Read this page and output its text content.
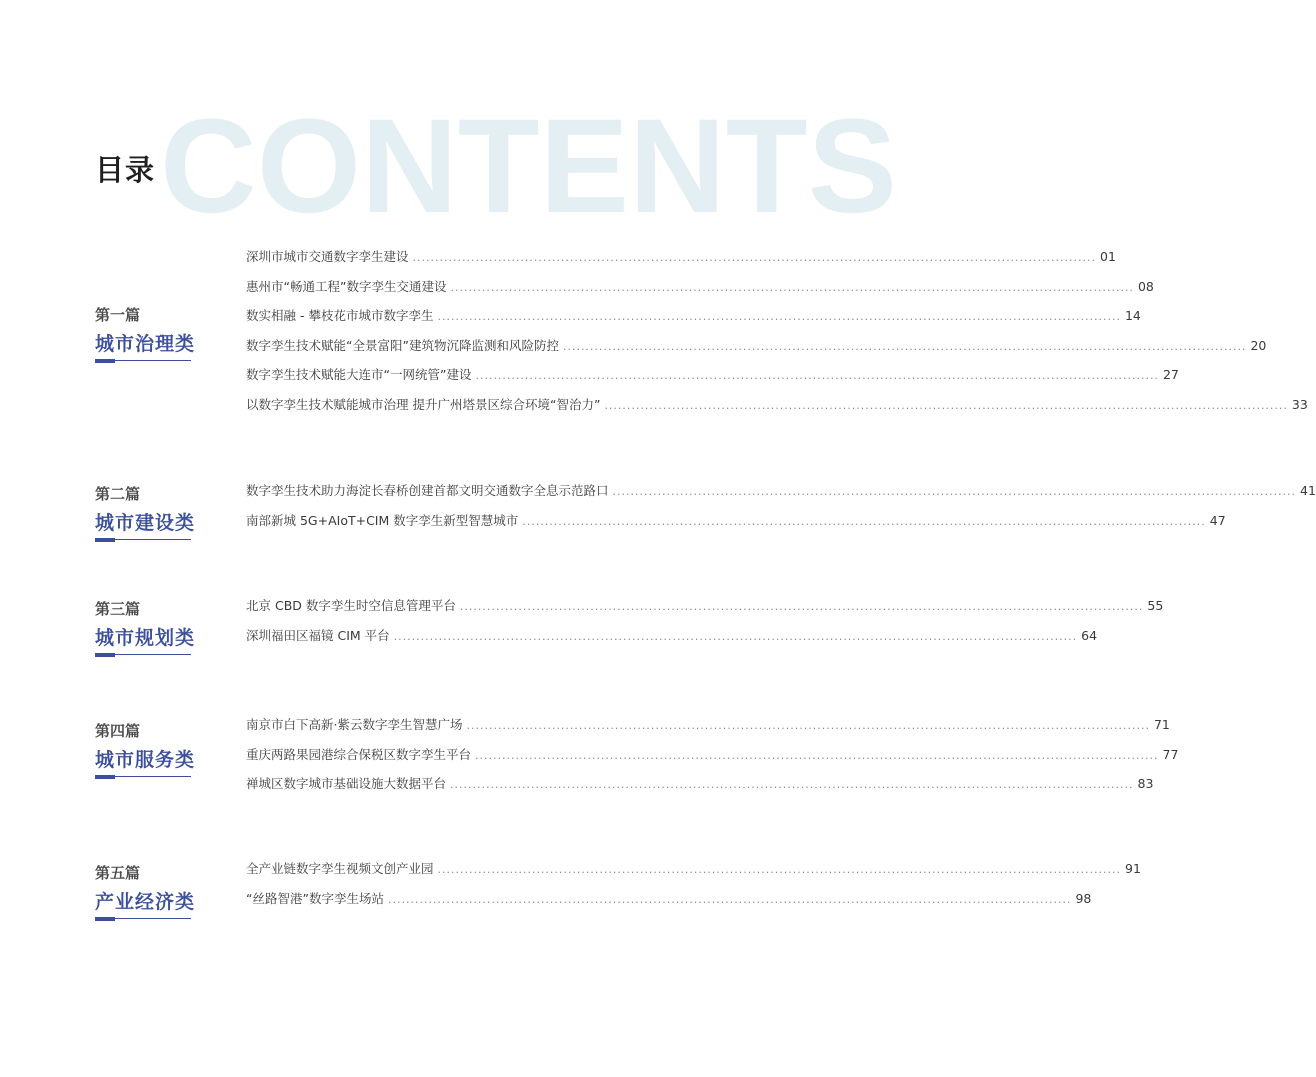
CONTENTS
目录
第一篇
城市治理类
深圳市城市交通数字孪生建设 .....	01
惠州市“畅通工程”数字孪生交通建设 .....	08
数实相融 - 攀枝花市城市数字孪生 .....	14
数字孪生技术赋能“全景富阳”建筑物沉降监测和风险防控 .....	20
数字孪生技术赋能大连市“一网统管”建设 .....	27
以数字孪生技术赋能城市治理 提升广州塔景区综合环境“智治力” .....	33
第二篇
城市建设类
数字孪生技术助力海淀长春桥创建首都文明交通数字全息示范路口 .....	41
南部新城 5G+AIoT+CIM 数字孪生新型智慧城市 .....	47
第三篇
城市规划类
北京 CBD 数字孪生时空信息管理平台 .....	55
深圳福田区福镜 CIM 平台 .....	64
第四篇
城市服务类
南京市白下高新·紫云数字孪生智慧广场 .....	71
重庆两路果园港综合保税区数字孪生平台 .....	77
禅城区数字城市基础设施大数据平台 .....	83
第五篇
产业经济类
全产业链数字孪生视频文创产业园 .....	91
“丝路智港”数字孪生场站 .....	98
